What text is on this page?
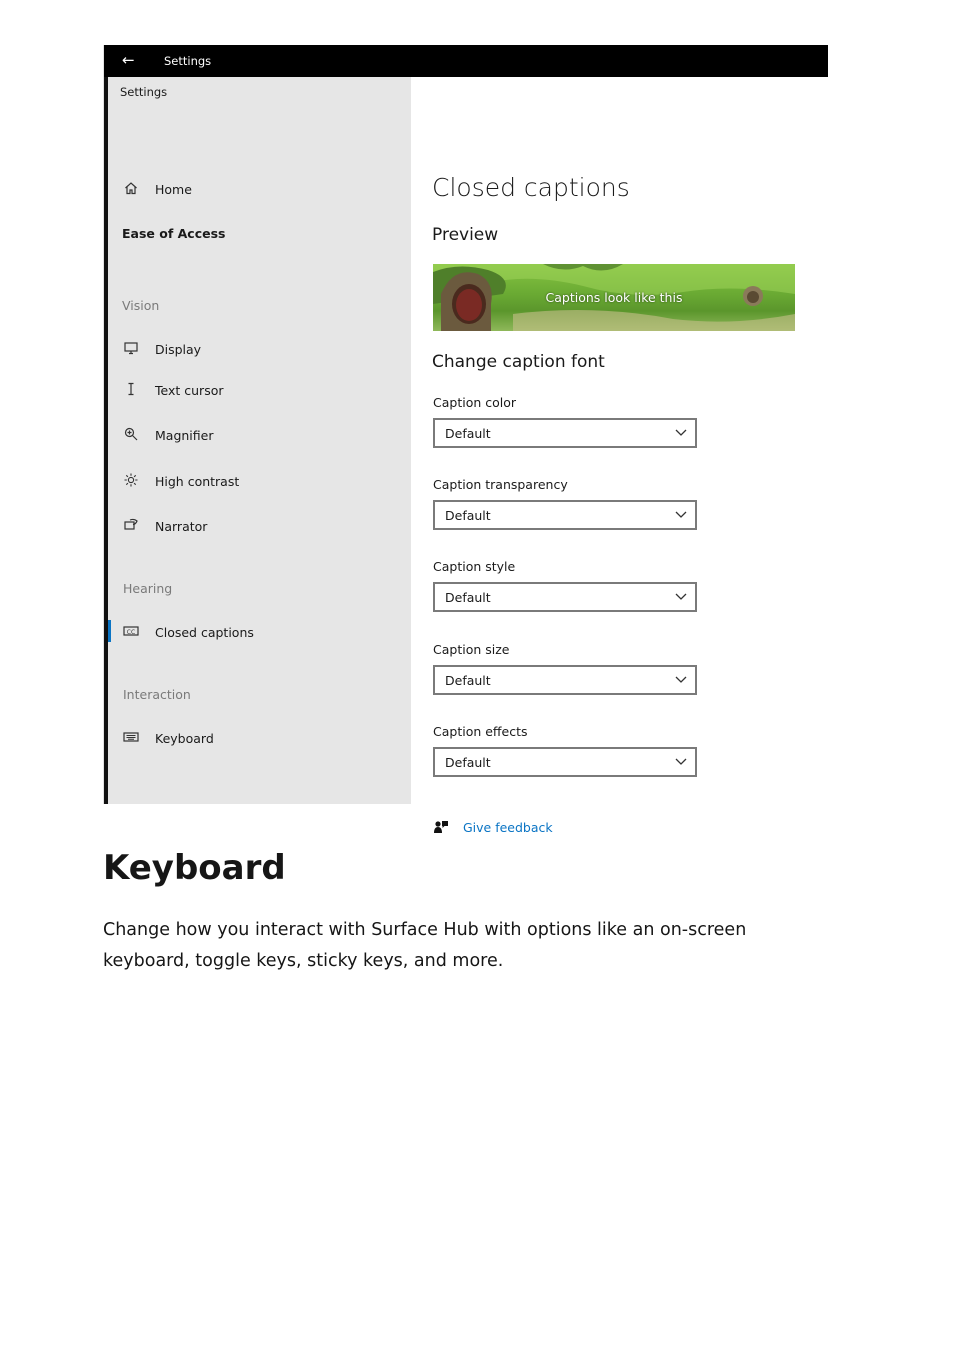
←	Settings
Settings
Home
Ease of Access
Vision
Display
Text cursor
Magnifier
High contrast
Narrator
Hearing
CC Closed captions
Interaction
Keyboard
Closed captions
Preview
Captions look like this
Change caption font
Caption color
Default
Caption transparency
Default
Caption style
Default
Caption size
Default
Caption effects
Default
Give feedback
Keyboard

Change how you interact with Surface Hub with options like an on-screen keyboard, toggle keys, sticky keys, and more.
